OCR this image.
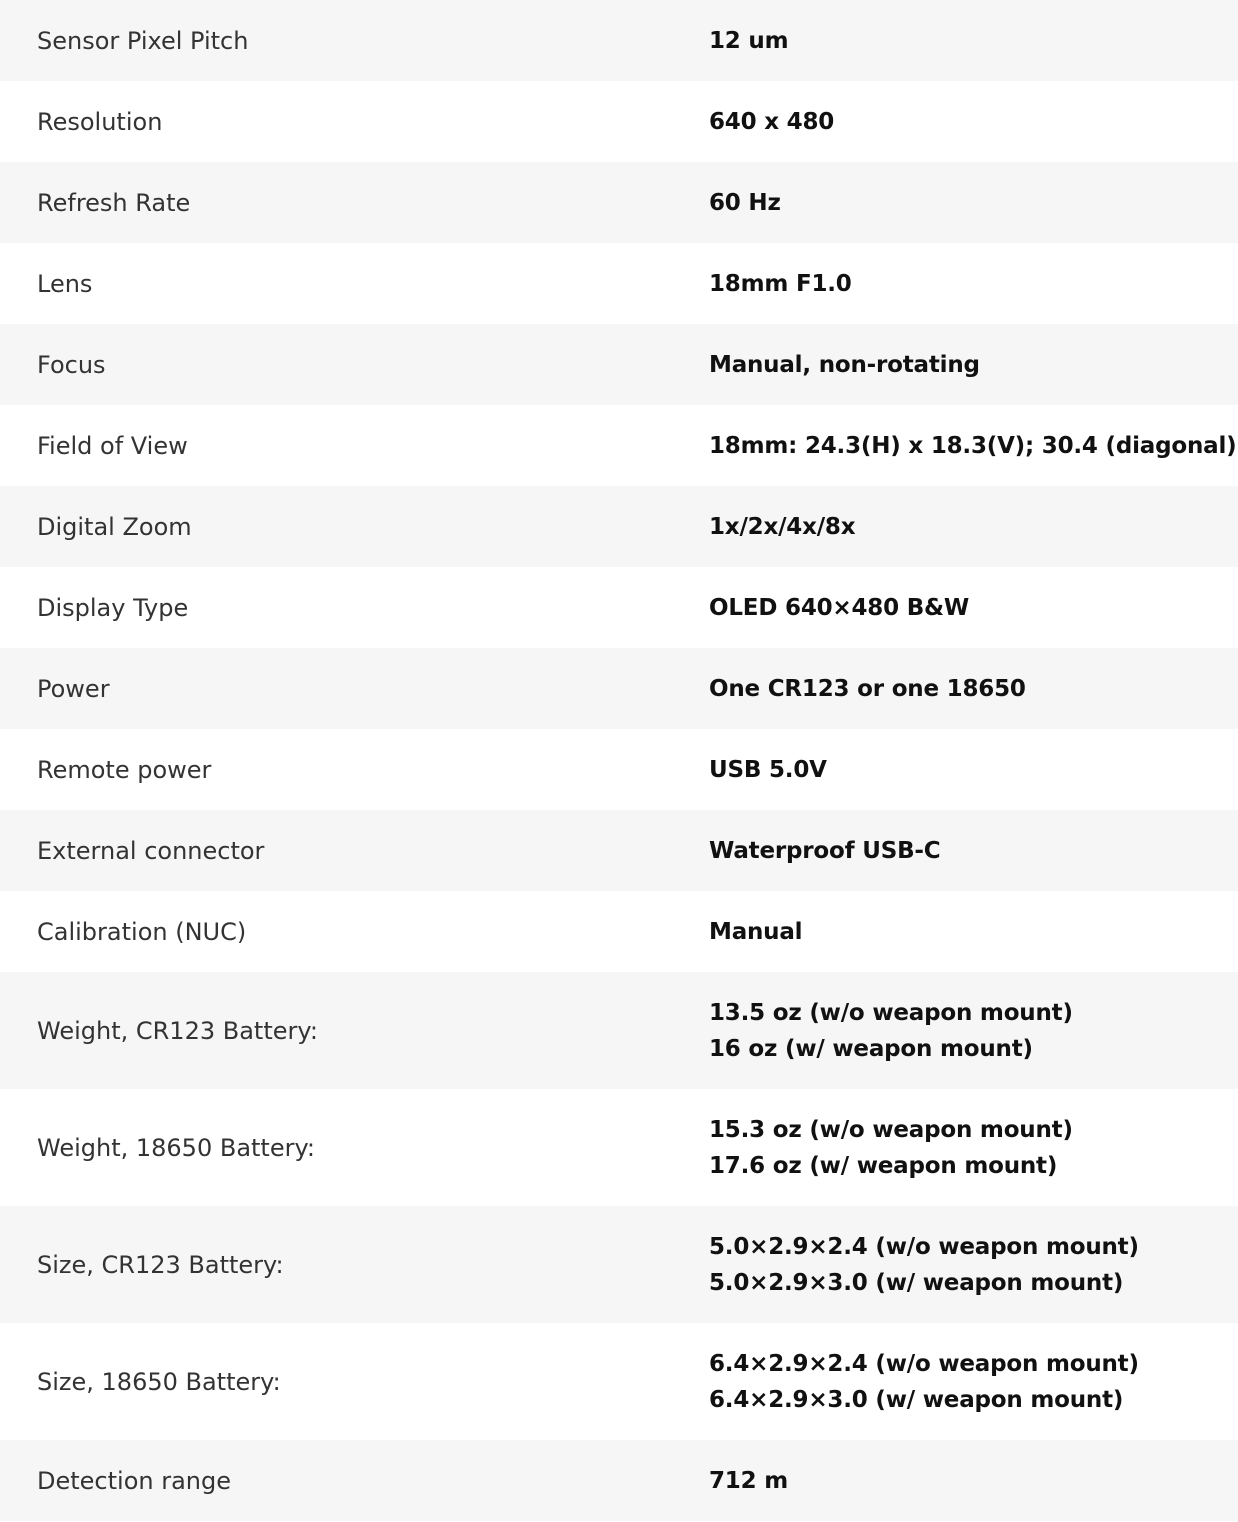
Sensor Pixel Pitch	12 um

Resolution	640 x 480

Refresh Rate	60 Hz

Lens	18mm F1.0

Focus	Manual, non-rotating

Field of View	18mm: 24.3(H) x 18.3(V); 30.4 (diagonal)

Digital Zoom	1x/2x/4x/8x

Display Type	OLED 640×480 B&W

Power	One CR123 or one 18650

Remote power	USB 5.0V

External connector	Waterproof USB-C

Calibration (NUC)	Manual

Weight, CR123 Battery:	13.5 oz (w/o weapon mount)
16 oz (w/ weapon mount)

Weight, 18650 Battery:	15.3 oz (w/o weapon mount)
17.6 oz (w/ weapon mount)

Size, CR123 Battery:	5.0×2.9×2.4 (w/o weapon mount)
5.0×2.9×3.0 (w/ weapon mount)

Size, 18650 Battery:	6.4×2.9×2.4 (w/o weapon mount)
6.4×2.9×3.0 (w/ weapon mount)

Detection range	712 m
